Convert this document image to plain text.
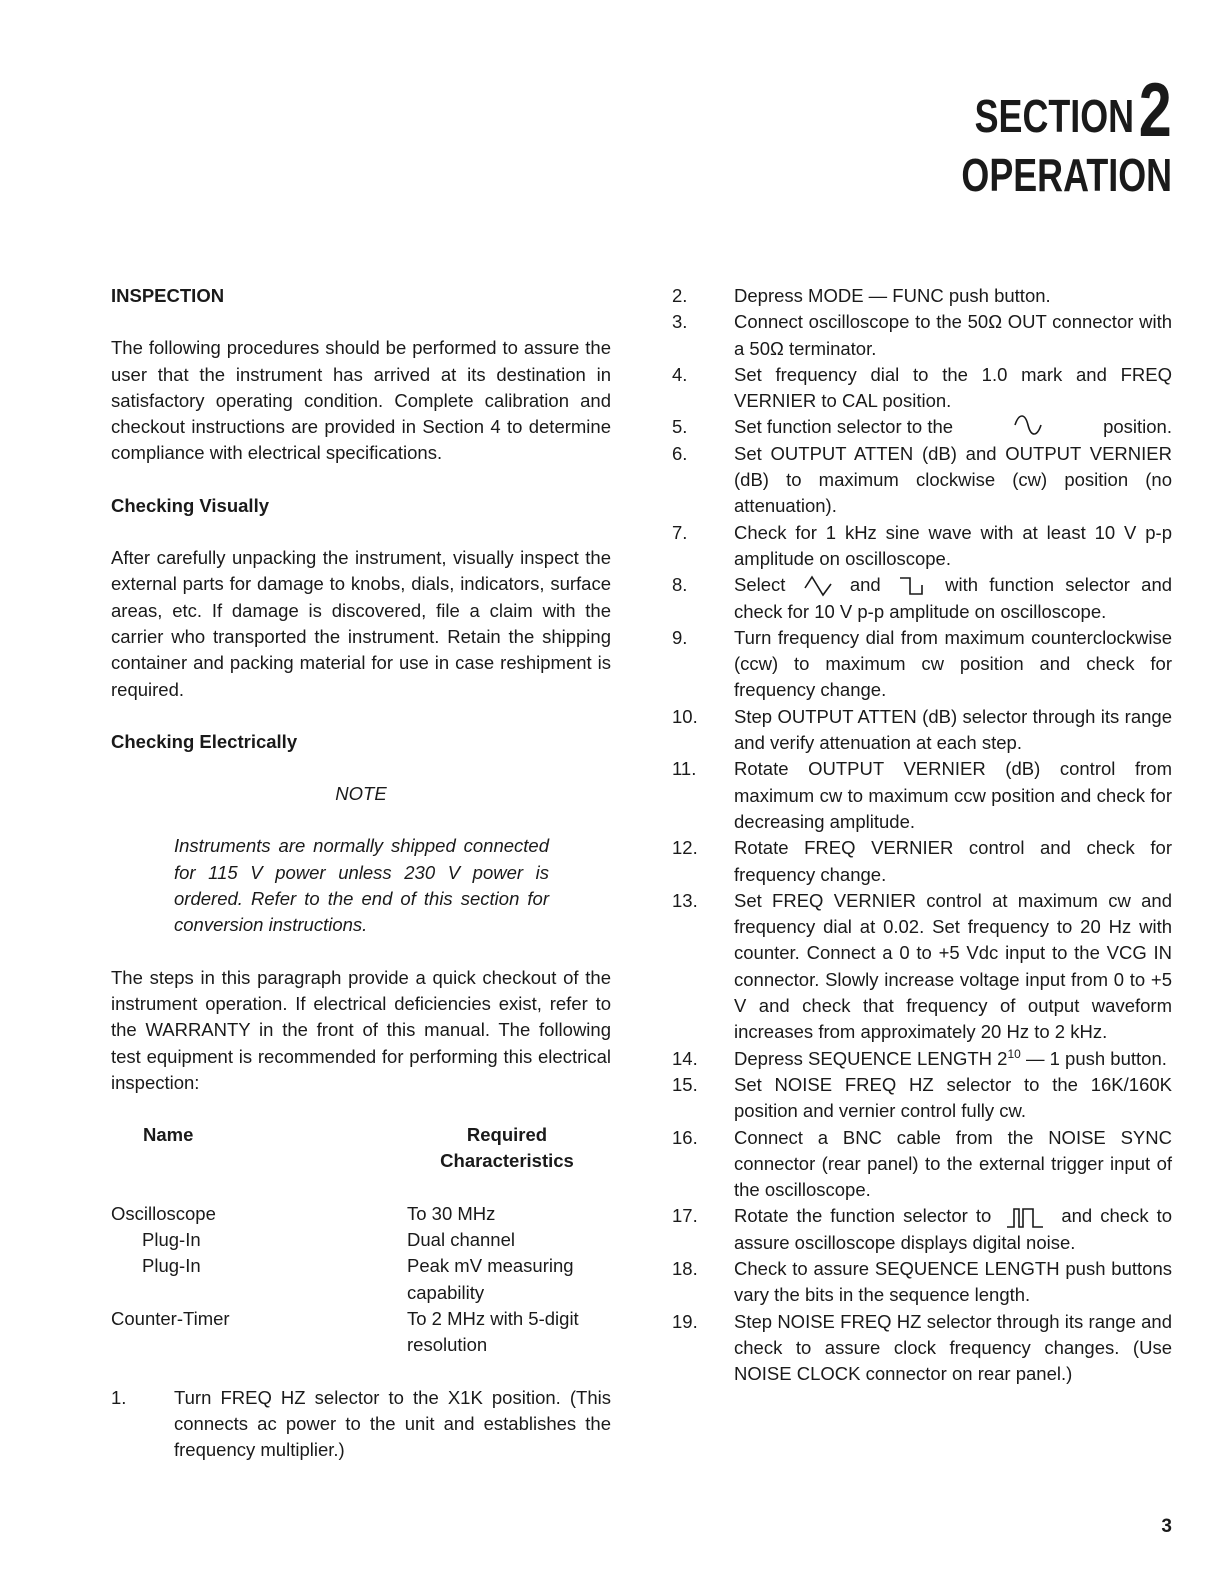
SECTION2
OPERATION

INSPECTION

The following procedures should be performed to assure the user that the instrument has arrived at its destination in satisfactory operating condition. Complete calibration and checkout instructions are provided in Section 4 to determine compliance with electrical specifications.

Checking Visually

After carefully unpacking the instrument, visually inspect the external parts for damage to knobs, dials, indicators, surface areas, etc. If damage is discovered, file a claim with the carrier who transported the instrument. Retain the shipping container and packing material for use in case reshipment is required.

Checking Electrically

NOTE

Instruments are normally shipped connected for 115 V power unless 230 V power is ordered. Refer to the end of this section for conversion instructions.

The steps in this paragraph provide a quick checkout of the instrument operation. If electrical deficiencies exist, refer to the WARRANTY in the front of this manual. The following test equipment is recommended for performing this electrical inspection:

Name	Required
Characteristics
Oscilloscope	To 30 MHz
Plug-In	Dual channel
Plug-In	Peak mV measuring capability
Counter-Timer	To 2 MHz with 5-digit resolution
1.	Turn FREQ HZ selector to the X1K position. (This connects ac power to the unit and establishes the frequency multiplier.)
2.	Depress MODE — FUNC push button.
3.	Connect oscilloscope to the 50Ω OUT connector with a 50Ω terminator.
4.	Set frequency dial to the 1.0 mark and FREQ VERNIER to CAL position.
5.	Set function selector to the	position.
6.	Set OUTPUT ATTEN (dB) and OUTPUT VERNIER (dB) to maximum clockwise (cw) position (no attenuation).
7.	Check for 1 kHz sine wave with at least 10 V p-p amplitude on oscilloscope.
8.	Select	and	with function selector and check for 10 V p-p amplitude on oscilloscope.
9.	Turn frequency dial from maximum counterclockwise (ccw) to maximum cw position and check for frequency change.
10.	Step OUTPUT ATTEN (dB) selector through its range and verify attenuation at each step.
11.	Rotate OUTPUT VERNIER (dB) control from maximum cw to maximum ccw position and check for decreasing amplitude.
12.	Rotate FREQ VERNIER control and check for frequency change.
13.	Set FREQ VERNIER control at maximum cw and frequency dial at 0.02. Set frequency to 20 Hz with counter. Connect a 0 to +5 Vdc input to the VCG IN connector. Slowly increase voltage input from 0 to +5 V and check that frequency of output waveform increases from approximately 20 Hz to 2 kHz.
14.	Depress SEQUENCE LENGTH $2^{10}$ — 1 push button.
15.	Set NOISE FREQ HZ selector to the 16K/160K position and vernier control fully cw.
16.	Connect a BNC cable from the NOISE SYNC connector (rear panel) to the external trigger input of the oscilloscope.
17.	Rotate the function selector to	and check to assure oscilloscope displays digital noise.
18.	Check to assure SEQUENCE LENGTH push buttons vary the bits in the sequence length.
19.	Step NOISE FREQ HZ selector through its range and check to assure clock frequency changes. (Use NOISE CLOCK connector on rear panel.)
3
